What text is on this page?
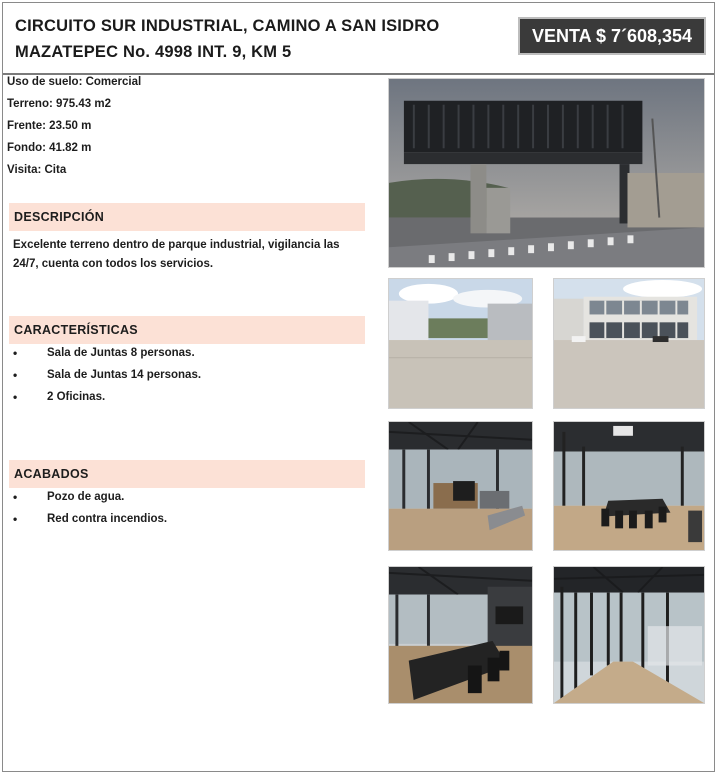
CIRCUITO SUR INDUSTRIAL, CAMINO A SAN ISIDRO
MAZATEPEC No. 4998 INT. 9, KM 5
VENTA $ 7´608,354
Uso de suelo: Comercial
Terreno: 975.43 m2
Frente: 23.50 m
Fondo: 41.82 m
Visita: Cita
DESCRIPCIÓN
Excelente terreno dentro de parque industrial, vigilancia las 24/7, cuenta con todos los servicios.
CARACTERÍSTICAS
•	Sala de Juntas 8 personas.
•	Sala de Juntas 14 personas.
•	2 Oficinas.
ACABADOS
•	Pozo de agua.
•	Red contra incendios.
